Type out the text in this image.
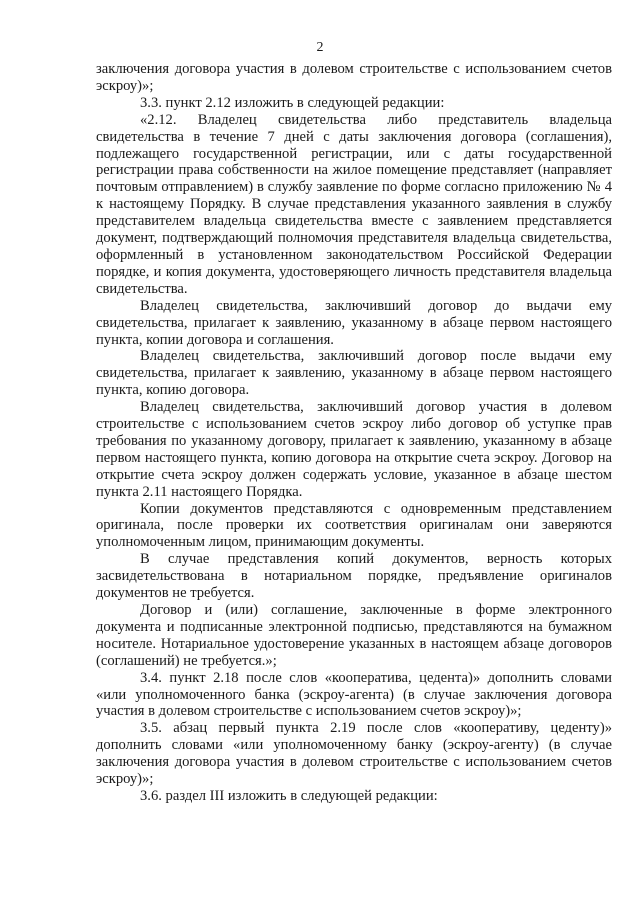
2

заключения договора участия в долевом строительстве с использованием счетов эскроу)»;

3.3. пункт 2.12 изложить в следующей редакции:

«2.12. Владелец свидетельства либо представитель владельца свидетельства в течение 7 дней с даты заключения договора (соглашения), подлежащего государственной регистрации, или с даты государственной регистрации права собственности на жилое помещение представляет (направляет почтовым отправлением) в службу заявление по форме согласно приложению № 4 к настоящему Порядку. В случае представления указанного заявления в службу представителем владельца свидетельства вместе с заявлением представляется документ, подтверждающий полномочия представителя владельца свидетельства, оформленный в установленном законодательством Российской Федерации порядке, и копия документа, удостоверяющего личность представителя владельца свидетельства.

Владелец свидетельства, заключивший договор до выдачи ему свидетельства, прилагает к заявлению, указанному в абзаце первом настоящего пункта, копии договора и соглашения.

Владелец свидетельства, заключивший договор после выдачи ему свидетельства, прилагает к заявлению, указанному в абзаце первом настоящего пункта, копию договора.

Владелец свидетельства, заключивший договор участия в долевом строительстве с использованием счетов эскроу либо договор об уступке прав требования по указанному договору, прилагает к заявлению, указанному в абзаце первом настоящего пункта, копию договора на открытие счета эскроу. Договор на открытие счета эскроу должен содержать условие, указанное в абзаце шестом пункта 2.11 настоящего Порядка.

Копии документов представляются с одновременным представлением оригинала, после проверки их соответствия оригиналам они заверяются уполномоченным лицом, принимающим документы.

В случае представления копий документов, верность которых засвидетельствована в нотариальном порядке, предъявление оригиналов документов не требуется.

Договор и (или) соглашение, заключенные в форме электронного документа и подписанные электронной подписью, представляются на бумажном носителе. Нотариальное удостоверение указанных в настоящем абзаце договоров (соглашений) не требуется.»;

3.4. пункт 2.18 после слов «кооператива, цедента)» дополнить словами «или уполномоченного банка (эскроу-агента) (в случае заключения договора участия в долевом строительстве с использованием счетов эскроу)»;

3.5. абзац первый пункта 2.19 после слов «кооперативу, цеденту)» дополнить словами «или уполномоченному банку (эскроу-агенту) (в случае заключения договора участия в долевом строительстве с использованием счетов эскроу)»;

3.6. раздел III изложить в следующей редакции:
